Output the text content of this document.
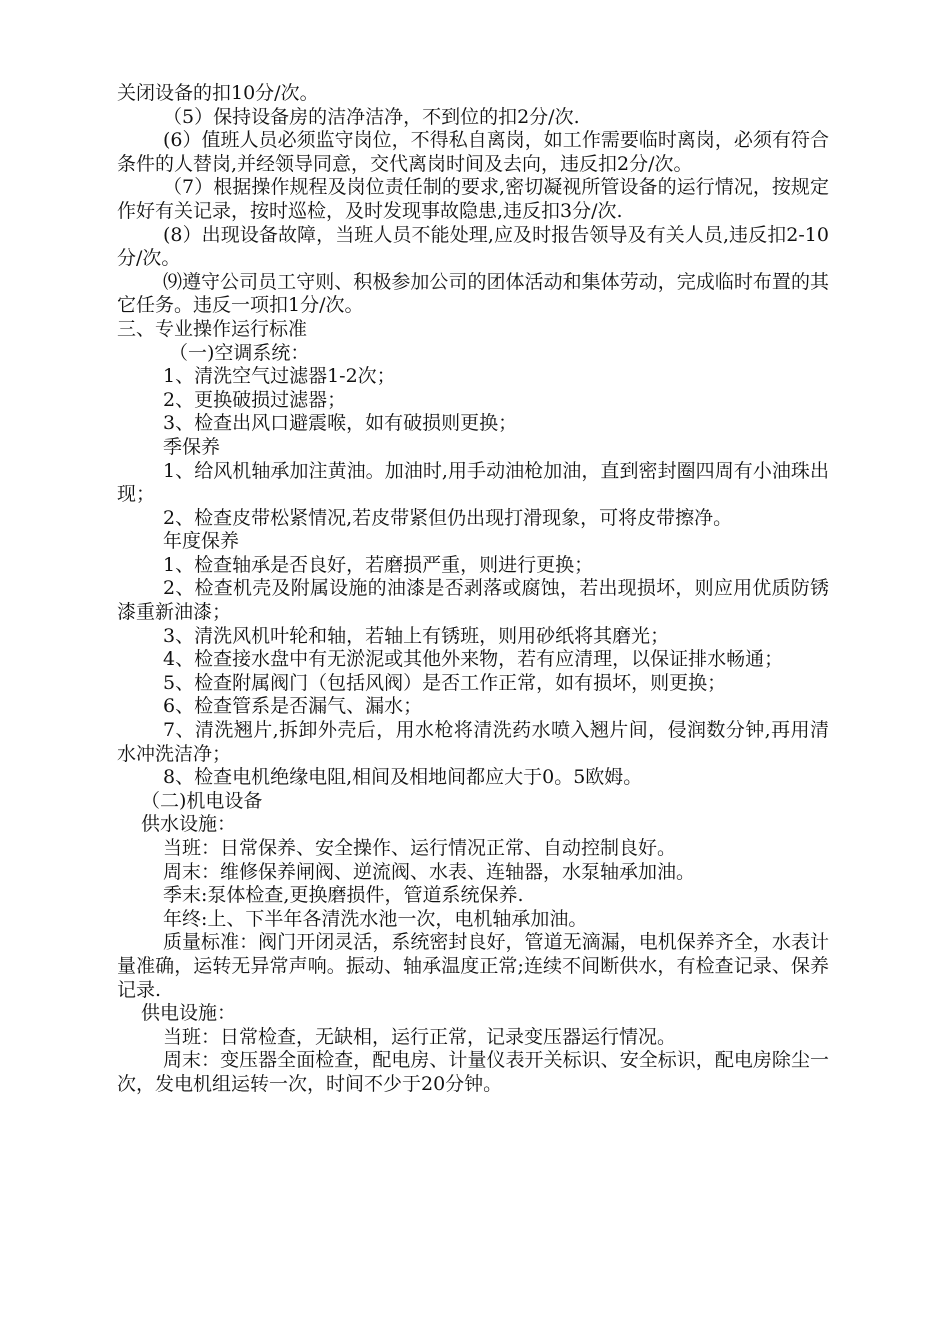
关闭设备的扣10分/次。

（5）保持设备房的洁净洁净，不到位的扣2分/次.

(6）值班人员必须监守岗位，不得私自离岗，如工作需要临时离岗，必须有符合条件的人替岗,并经领导同意，交代离岗时间及去向，违反扣2分/次。

（7）根据操作规程及岗位责任制的要求,密切凝视所管设备的运行情况，按规定作好有关记录，按时巡检，及时发现事故隐患,违反扣3分/次.

(8）出现设备故障，当班人员不能处理,应及时报告领导及有关人员,违反扣2-10分/次。

⑼遵守公司员工守则、积极参加公司的团体活动和集体劳动，完成临时布置的其它任务。违反一项扣1分/次。

三、专业操作运行标准

（一)空调系统：

1、清洗空气过滤器1-2次；

2、更换破损过滤器；

3、检查出风口避震喉，如有破损则更换；

季保养

1、给风机轴承加注黄油。加油时,用手动油枪加油，直到密封圈四周有小油珠出现；

2、检查皮带松紧情况,若皮带紧但仍出现打滑现象，可将皮带擦净。

年度保养

1、检查轴承是否良好，若磨损严重，则进行更换；

2、检查机壳及附属设施的油漆是否剥落或腐蚀，若出现损坏，则应用优质防锈漆重新油漆；

3、清洗风机叶轮和轴，若轴上有锈班，则用砂纸将其磨光；

4、检查接水盘中有无淤泥或其他外来物，若有应清理，以保证排水畅通；

5、检查附属阀门（包括风阀）是否工作正常，如有损坏，则更换；

6、检查管系是否漏气、漏水；

7、清洗翘片,拆卸外壳后，用水枪将清洗药水喷入翘片间，侵润数分钟,再用清水冲洗洁净；

8、检查电机绝缘电阻,相间及相地间都应大于0。5欧姆。

（二)机电设备

供水设施：

当班：日常保养、安全操作、运行情况正常、自动控制良好。

周末：维修保养闸阀、逆流阀、水表、连轴器，水泵轴承加油。

季末:泵体检查,更换磨损件，管道系统保养.

年终:上、下半年各清洗水池一次，电机轴承加油。

质量标准：阀门开闭灵活，系统密封良好，管道无滴漏，电机保养齐全，水表计量准确，运转无异常声响。振动、轴承温度正常;连续不间断供水，有检查记录、保养记录.

供电设施：

当班：日常检查，无缺相，运行正常，记录变压器运行情况。

周末：变压器全面检查，配电房、计量仪表开关标识、安全标识，配电房除尘一次，发电机组运转一次，时间不少于20分钟。
